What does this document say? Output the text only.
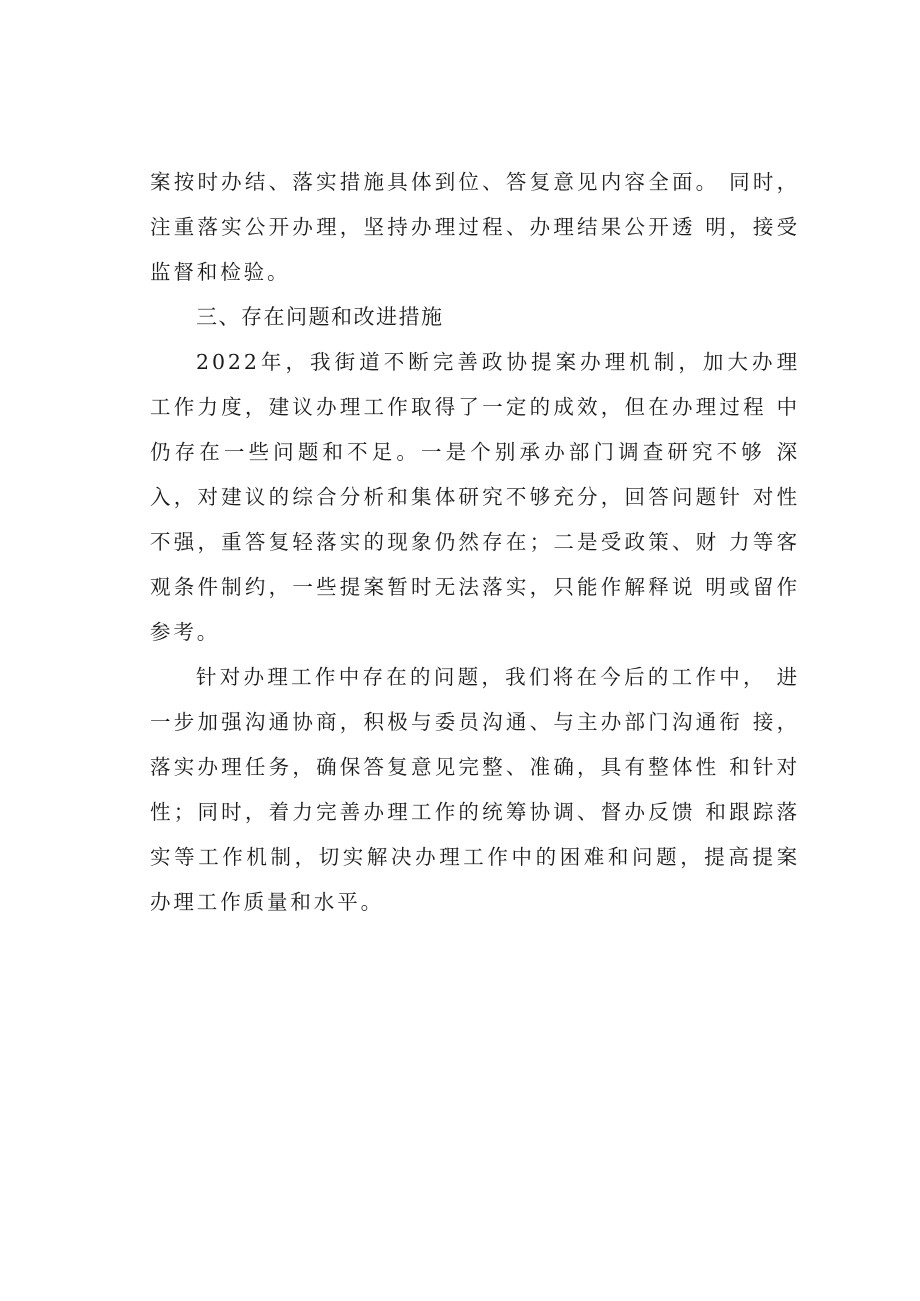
案按时办结、落实措施具体到位、答复意见内容全面。 同时，注重落实公开办理，坚持办理过程、办理结果公开透 明，接受监督和检验。

三、存在问题和改进措施

2022年，我街道不断完善政协提案办理机制，加大办理 工作力度，建议办理工作取得了一定的成效，但在办理过程 中仍存在一些问题和不足。一是个别承办部门调查研究不够 深入，对建议的综合分析和集体研究不够充分，回答问题针 对性不强，重答复轻落实的现象仍然存在；二是受政策、财 力等客观条件制约，一些提案暂时无法落实，只能作解释说 明或留作参考。

针对办理工作中存在的问题，我们将在今后的工作中， 进一步加强沟通协商，积极与委员沟通、与主办部门沟通衔 接，落实办理任务，确保答复意见完整、准确，具有整体性 和针对性；同时，着力完善办理工作的统筹协调、督办反馈 和跟踪落实等工作机制，切实解决办理工作中的困难和问题，提高提案办理工作质量和水平。
